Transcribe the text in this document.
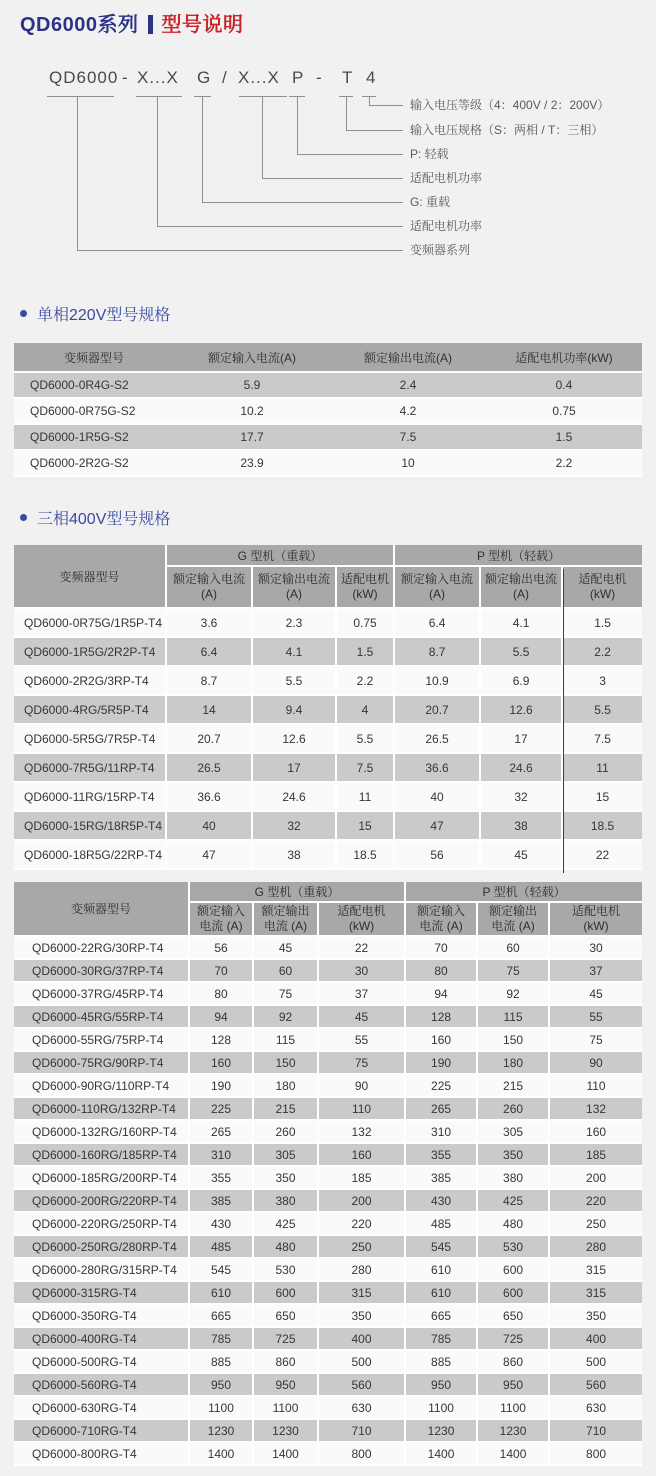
QD6000系列 型号说明
QD6000 - X...X G / X...X P - T 4
输入电压等级（4：400V / 2：200V）
输入电压规格（S：两相 / T：三相）
P: 轻载
适配电机功率
G: 重载
适配电机功率
变频器系列
单相220V型号规格
变频器型号	额定输入电流(A)	额定输出电流(A)	适配电机功率(kW)
QD6000-0R4G-S2	5.9	2.4	0.4
QD6000-0R75G-S2	10.2	4.2	0.75
QD6000-1R5G-S2	17.7	7.5	1.5
QD6000-2R2G-S2	23.9	10	2.2
三相400V型号规格
变频器型号	G 型机（重载）			P 型机（轻载）		

额定输入电流
(A)

额定输出电流
(A)

适配电机
(kW)

额定输入电流
(A)

额定输出电流
(A)

适配电机
(kW)

QD6000-0R75G/1R5P-T4	3.6	2.3	0.75	6.4	4.1	1.5
QD6000-1R5G/2R2P-T4	6.4	4.1	1.5	8.7	5.5	2.2
QD6000-2R2G/3RP-T4	8.7	5.5	2.2	10.9	6.9	3
QD6000-4RG/5R5P-T4	14	9.4	4	20.7	12.6	5.5
QD6000-5R5G/7R5P-T4	20.7	12.6	5.5	26.5	17	7.5
QD6000-7R5G/11RP-T4	26.5	17	7.5	36.6	24.6	11
QD6000-11RG/15RP-T4	36.6	24.6	11	40	32	15
QD6000-15RG/18R5P-T4	40	32	15	47	38	18.5
QD6000-18R5G/22RP-T4	47	38	18.5	56	45	22
变频器型号	G 型机（重载）			P 型机（轻载）		

额定输入
电流 (A)

额定输出
电流 (A)

适配电机
(kW)

额定输入
电流 (A)

额定输出
电流 (A)

适配电机
(kW)

QD6000-22RG/30RP-T4	56	45	22	70	60	30
QD6000-30RG/37RP-T4	70	60	30	80	75	37
QD6000-37RG/45RP-T4	80	75	37	94	92	45
QD6000-45RG/55RP-T4	94	92	45	128	115	55
QD6000-55RG/75RP-T4	128	115	55	160	150	75
QD6000-75RG/90RP-T4	160	150	75	190	180	90
QD6000-90RG/110RP-T4	190	180	90	225	215	110
QD6000-110RG/132RP-T4	225	215	110	265	260	132
QD6000-132RG/160RP-T4	265	260	132	310	305	160
QD6000-160RG/185RP-T4	310	305	160	355	350	185
QD6000-185RG/200RP-T4	355	350	185	385	380	200
QD6000-200RG/220RP-T4	385	380	200	430	425	220
QD6000-220RG/250RP-T4	430	425	220	485	480	250
QD6000-250RG/280RP-T4	485	480	250	545	530	280
QD6000-280RG/315RP-T4	545	530	280	610	600	315
QD6000-315RG-T4	610	600	315	610	600	315
QD6000-350RG-T4	665	650	350	665	650	350
QD6000-400RG-T4	785	725	400	785	725	400
QD6000-500RG-T4	885	860	500	885	860	500
QD6000-560RG-T4	950	950	560	950	950	560
QD6000-630RG-T4	1100	1100	630	1100	1100	630
QD6000-710RG-T4	1230	1230	710	1230	1230	710
QD6000-800RG-T4	1400	1400	800	1400	1400	800
